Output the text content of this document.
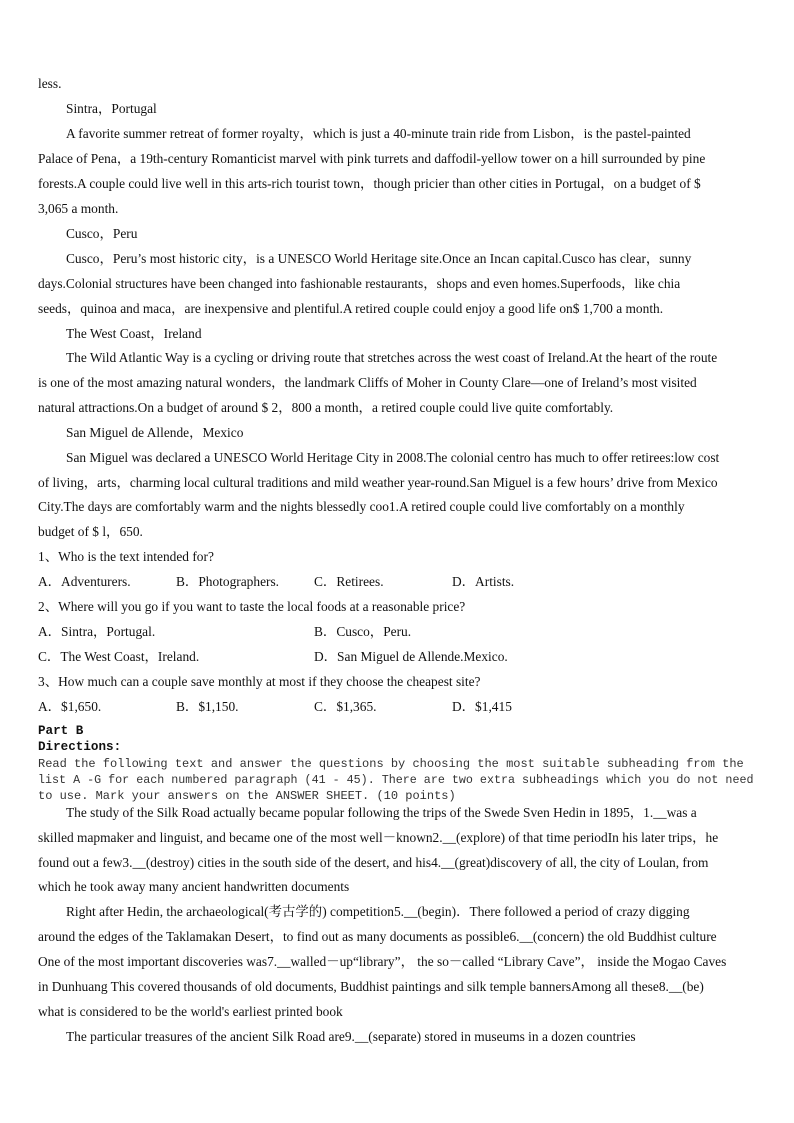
less.
Sintra，Portugal
A favorite summer retreat of former royalty，which is just a 40-minute train ride from Lisbon，is the pastel-painted
Palace of Pena，a 19th-century Romanticist marvel with pink turrets and daffodil-yellow tower on a hill surrounded by pine
forests.A couple could live well in this arts-rich tourist town，though pricier than other cities in Portugal，on a budget of $
3,065 a month.
Cusco，Peru
Cusco，Peru’s most historic city，is a UNESCO World Heritage site.Once an Incan capital.Cusco has clear，sunny
days.Colonial structures have been changed into fashionable restaurants，shops and even homes.Superfoods，like chia
seeds，quinoa and maca，are inexpensive and plentiful.A retired couple could enjoy a good life on$ 1,700 a month.
The West Coast，Ireland
The Wild Atlantic Way is a cycling or driving route that stretches across the west coast of Ireland.At the heart of the route
is one of the most amazing natural wonders，the landmark Cliffs of Moher in County Clare—one of Ireland’s most visited
natural attractions.On a budget of around $ 2，800 a month，a retired couple could live quite comfortably.
San Miguel de Allende，Mexico
San Miguel was declared a UNESCO World Heritage City in 2008.The colonial centro has much to offer retirees:low cost
of living，arts，charming local cultural traditions and mild weather year-round.San Miguel is a few hours’ drive from Mexico
City.The days are comfortably warm and the nights blessedly coo1.A retired couple could live comfortably on a monthly
budget of $ l，650.
1、Who is the text intended for?
A．Adventurers.	B．Photographers.	C．Retirees.	D．Artists.
2、Where will you go if you want to taste the local foods at a reasonable price?
A．Sintra，Portugal.	B．Cusco，Peru.
C．The West Coast，Ireland.	D．San Miguel de Allende.Mexico.
3、How much can a couple save monthly at most if they choose the cheapest site?
A．$1,650.	B．$1,150.	C．$1,365.	D．$1,415
Part B
Directions:
Read the following text and answer the questions by choosing the most suitable subheading from the
list A -G for each numbered paragraph (41 - 45). There are two extra subheadings which you do not need
to use. Mark your answers on the ANSWER SHEET. (10 points)
The study of the Silk Road actually became popular following the trips of the Swede Sven Hedin in 1895，1.__was a
skilled mapmaker and linguist, and became one of the most well－known2.__(explore) of that time periodIn his later trips，he
found out a few3.__(destroy) cities in the south side of the desert, and his4.__(great)discovery of all, the city of Loulan, from
which he took away many ancient handwritten documents
Right after Hedin, the archaeological(考古学的) competition5.__(begin)．There followed a period of crazy digging
around the edges of the Taklamakan Desert，to find out as many documents as possible6.__(concern) the old Buddhist culture
One of the most important discoveries was7.__walled－up“library”， the so－called “Library Cave”， inside the Mogao Caves
in Dunhuang This covered thousands of old documents, Buddhist paintings and silk temple bannersAmong all these8.__(be)
what is considered to be the world's earliest printed book
The particular treasures of the ancient Silk Road are9.__(separate) stored in museums in a dozen countries
